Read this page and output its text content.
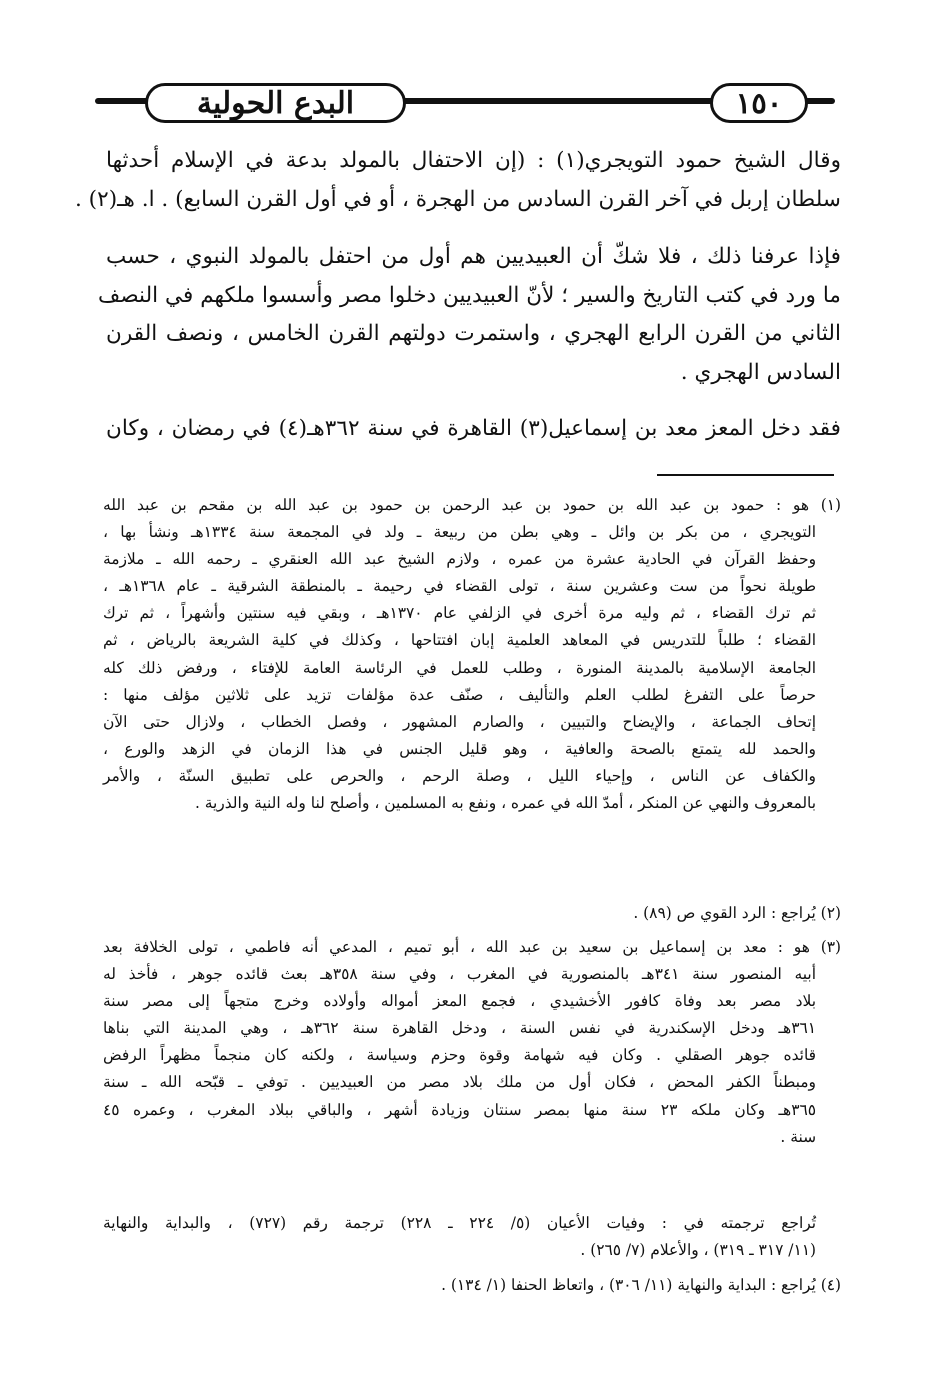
البدع الحولية	١٥٠
وقال الشيخ حمود التويجري(١) : (إن الاحتفال بالمولد بدعة في الإسلام أحدثها
سلطان إربل في آخر القرن السادس من الهجرة ، أو في أول القرن السابع) . ا. هـ(٢) .
فإذا عرفنا ذلك ، فلا شكّ أن العبيديين هم أول من احتفل بالمولد النبوي ، حسب
ما ورد في كتب التاريخ والسير ؛ لأنّ العبيديين دخلوا مصر وأسسوا ملكهم في النصف
الثاني من القرن الرابع الهجري ، واستمرت دولتهم القرن الخامس ، ونصف القرن
السادس الهجري .
فقد دخل المعز معد بن إسماعيل(٣) القاهرة في سنة ٣٦٢هـ(٤) في رمضان ، وكان
(١) هو : حمود بن عبد الله بن حمود بن عبد الرحمن بن حمود بن عبد الله بن مقحم بن عبد الله
التويجري ، من بكر بن وائل ـ وهي بطن من ربيعة ـ ولد في المجمعة سنة ١٣٣٤هـ ونشأ بها ،
وحفظ القرآن في الحادية عشرة من عمره ، ولازم الشيخ عبد الله العنقري ـ رحمه الله ـ ملازمة
طويلة نحواً من ست وعشرين سنة ، تولى القضاء في رحيمة ـ بالمنطقة الشرقية ـ عام ١٣٦٨هـ ،
ثم ترك القضاء ، ثم وليه مرة أخرى في الزلفي عام ١٣٧٠هـ ، وبقي فيه سنتين وأشهراً ، ثم ترك
القضاء ؛ طلباً للتدريس في المعاهد العلمية إبان افتتاحها ، وكذلك في كلية الشريعة بالرياض ، ثم
الجامعة الإسلامية بالمدينة المنورة ، وطلب للعمل في الرئاسة العامة للإفتاء ، ورفض ذلك كله
حرصاً على التفرغ لطلب العلم والتأليف ، صنّف عدة مؤلفات تزيد على ثلاثين مؤلف منها :
إتحاف الجماعة ، والإيضاح والتبيين ، والصارم المشهور ، وفصل الخطاب ، ولازال حتى الآن
والحمد لله يتمتع بالصحة والعافية ، وهو قليل الجنس في هذا الزمان في الزهد والورع ،
والكفاف عن الناس ، وإحياء الليل ، وصلة الرحم ، والحرص على تطبيق السنّة ، والأمر
بالمعروف والنهي عن المنكر ، أمدّ الله في عمره ، ونفع به المسلمين ، وأصلح لنا وله النية والذرية .
(٢) يُراجع : الرد القوي ص (٨٩) .
(٣) هو : معد بن إسماعيل بن سعيد بن عبد الله ، أبو تميم ، المدعي أنه فاطمي ، تولى الخلافة بعد
أبيه المنصور سنة ٣٤١هـ بالمنصورية في المغرب ، وفي سنة ٣٥٨هـ بعث قائده جوهر ، فأخذ له
بلاد مصر بعد وفاة كافور الأخشيدي ، فجمع المعز أمواله وأولاده وخرج متجهاً إلى مصر سنة
٣٦١هـ ودخل الإسكندرية في نفس السنة ، ودخل القاهرة سنة ٣٦٢هـ ، وهي المدينة التي بناها
قائده جوهر الصقلي . وكان فيه شهامة وقوة وحزم وسياسة ، ولكنه كان منجماً مظهراً الرفض
ومبطناً الكفر المحض ، فكان أول من ملك بلاد مصر من العبيديين . توفي ـ قبّحه الله ـ سنة
٣٦٥هـ وكان ملكه ٢٣ سنة منها بمصر سنتان وزيادة أشهر ، والباقي ببلاد المغرب ، وعمره ٤٥
سنة .
تُراجع ترجمته في : وفيات الأعيان (٥/ ٢٢٤ ـ ٢٢٨) ترجمة رقم (٧٢٧) ، والبداية والنهاية
(١١/ ٣١٧ ـ ٣١٩) ، والأعلام (٧/ ٢٦٥) .
(٤) يُراجع : البداية والنهاية (١١/ ٣٠٦) ، واتعاظ الحنفا (١/ ١٣٤) .
